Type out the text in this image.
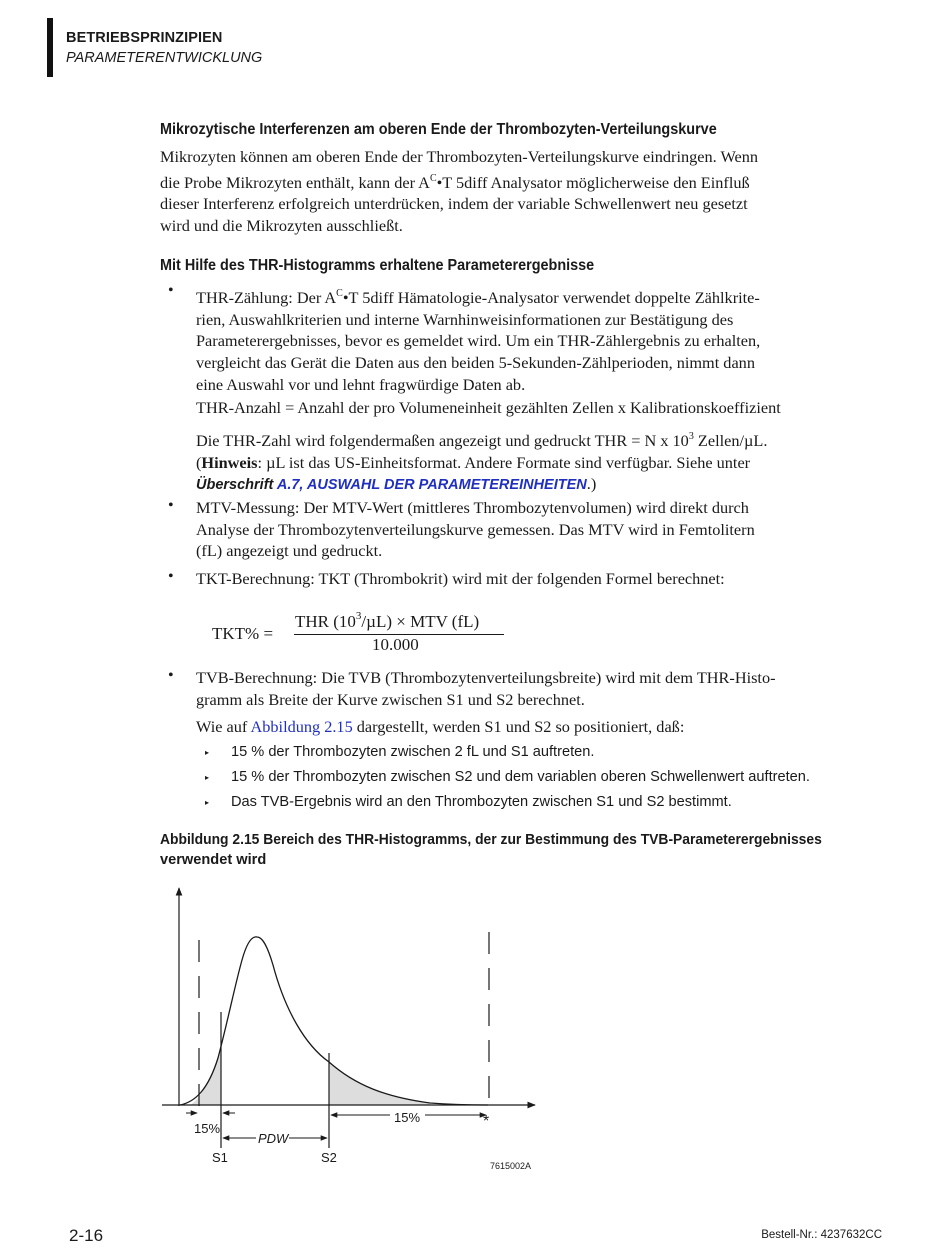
BETRIEBSPRINZIPIEN
PARAMETERENTWICKLUNG
Mikrozytische Interferenzen am oberen Ende der Thrombozyten-Verteilungskurve

Mikrozyten können am oberen Ende der Thrombozyten-Verteilungskurve eindringen. Wenn

die Probe Mikrozyten enthält, kann der $A^C•T$ 5diff Analysator möglicherweise den Einfluß

dieser Interferenz erfolgreich unterdrücken, indem der variable Schwellenwert neu gesetzt

wird und die Mikrozyten ausschließt.

Mit Hilfe des THR-Histogramms erhaltene Parameterergebnisse
• THR-Zählung: Der $A^C•T$ 5diff Hämatologie-Analysator verwendet doppelte Zählkrite-

rien, Auswahlkriterien und interne Warnhinweisinformationen zur Bestätigung des

Parameterergebnisses, bevor es gemeldet wird. Um ein THR-Zählergebnis zu erhalten,

vergleicht das Gerät die Daten aus den beiden 5-Sekunden-Zählperioden, nimmt dann

eine Auswahl vor und lehnt fragwürdige Daten ab.

THR-Anzahl = Anzahl der pro Volumeneinheit gezählten Zellen x Kalibrationskoeffizient

Die THR-Zahl wird folgendermaßen angezeigt und gedruckt THR = N x $10^3$ Zellen/µL.

(Hinweis: µL ist das US-Einheitsformat. Andere Formate sind verfügbar. Siehe unter

Überschrift A.7, AUSWAHL DER PARAMETEREINHEITEN.)

• MTV-Messung: Der MTV-Wert (mittleres Thrombozytenvolumen) wird direkt durch

Analyse der Thrombozytenverteilungskurve gemessen. Das MTV wird in Femtolitern

(fL) angezeigt und gedruckt.

• TKT-Berechnung: TKT (Thrombokrit) wird mit der folgenden Formel berechnet:
TKT% =
THR $(10^3/\mu L)$ × MTV (fL)
10.000
• TVB-Berechnung: Die TVB (Thrombozytenverteilungsbreite) wird mit dem THR-Histo-

gramm als Breite der Kurve zwischen S1 und S2 berechnet.

Wie auf Abbildung 2.15 dargestellt, werden S1 und S2 so positioniert, daß:
▸ 15 % der Thrombozyten zwischen 2 fL und S1 auftreten.
▸ 15 % der Thrombozyten zwischen S2 und dem variablen oberen Schwellenwert auftreten.
▸ Das TVB-Ergebnis wird an den Thrombozyten zwischen S1 und S2 bestimmt.
Abbildung 2.15 Bereich des THR-Histogramms, der zur Bestimmung des TVB-Parameterergebnisses
verwendet wird
15%
15%
PDW
S1	S2
*
7615002A
2-16	Bestell-Nr.: 4237632CC
